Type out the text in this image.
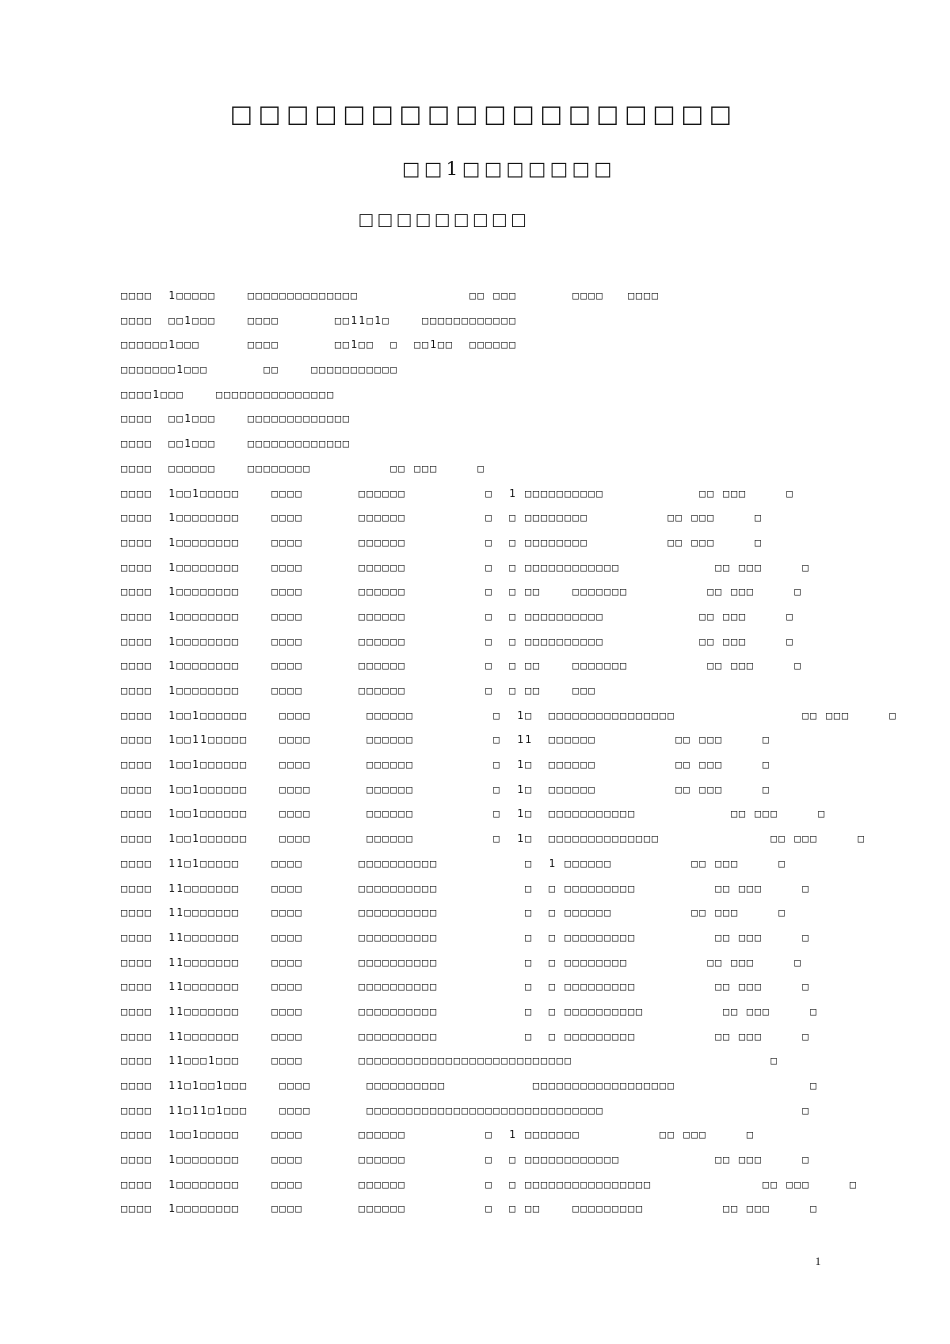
□□□□□□□□□□□□□□□□□□
□□1□□□□□□□
□□□□□□□□□
□□□□  1□□□□□    □□□□□□□□□□□□□□              □□ □□□       □□□□   □□□□
□□□□  □□1□□□    □□□□       □□11□1□    □□□□□□□□□□□□
□□□□□□1□□□      □□□□       □□1□□  □  □□1□□  □□□□□□
□□□□□□□1□□□       □□    □□□□□□□□□□□
□□□□1□□□    □□□□□□□□□□□□□□□
□□□□  □□1□□□    □□□□□□□□□□□□□
□□□□  □□1□□□    □□□□□□□□□□□□□
□□□□  □□□□□□    □□□□□□□□          □□ □□□     □
□□□□  1□□1□□□□□    □□□□       □□□□□□          □  1 □□□□□□□□□□            □□ □□□     □
□□□□  1□□□□□□□□    □□□□       □□□□□□          □  □ □□□□□□□□          □□ □□□     □
□□□□  1□□□□□□□□    □□□□       □□□□□□          □  □ □□□□□□□□          □□ □□□     □
□□□□  1□□□□□□□□    □□□□       □□□□□□          □  □ □□□□□□□□□□□□            □□ □□□     □
□□□□  1□□□□□□□□    □□□□       □□□□□□          □  □ □□    □□□□□□□          □□ □□□     □
□□□□  1□□□□□□□□    □□□□       □□□□□□          □  □ □□□□□□□□□□            □□ □□□     □
□□□□  1□□□□□□□□    □□□□       □□□□□□          □  □ □□□□□□□□□□            □□ □□□     □
□□□□  1□□□□□□□□    □□□□       □□□□□□          □  □ □□    □□□□□□□          □□ □□□     □
□□□□  1□□□□□□□□    □□□□       □□□□□□          □  □ □□    □□□
□□□□  1□□1□□□□□□    □□□□       □□□□□□          □  1□  □□□□□□□□□□□□□□□□                □□ □□□     □
□□□□  1□□11□□□□□    □□□□       □□□□□□          □  11  □□□□□□          □□ □□□     □
□□□□  1□□1□□□□□□    □□□□       □□□□□□          □  1□  □□□□□□          □□ □□□     □
□□□□  1□□1□□□□□□    □□□□       □□□□□□          □  1□  □□□□□□          □□ □□□     □
□□□□  1□□1□□□□□□    □□□□       □□□□□□          □  1□  □□□□□□□□□□□            □□ □□□     □
□□□□  1□□1□□□□□□    □□□□       □□□□□□          □  1□  □□□□□□□□□□□□□□              □□ □□□     □
□□□□  11□1□□□□□    □□□□       □□□□□□□□□□           □  1 □□□□□□          □□ □□□     □
□□□□  11□□□□□□□    □□□□       □□□□□□□□□□           □  □ □□□□□□□□□          □□ □□□     □
□□□□  11□□□□□□□    □□□□       □□□□□□□□□□           □  □ □□□□□□          □□ □□□     □
□□□□  11□□□□□□□    □□□□       □□□□□□□□□□           □  □ □□□□□□□□□          □□ □□□     □
□□□□  11□□□□□□□    □□□□       □□□□□□□□□□           □  □ □□□□□□□□          □□ □□□     □
□□□□  11□□□□□□□    □□□□       □□□□□□□□□□           □  □ □□□□□□□□□          □□ □□□     □
□□□□  11□□□□□□□    □□□□       □□□□□□□□□□           □  □ □□□□□□□□□□          □□ □□□     □
□□□□  11□□□□□□□    □□□□       □□□□□□□□□□           □  □ □□□□□□□□□          □□ □□□     □
□□□□  11□□□1□□□    □□□□       □□□□□□□□□□□□□□□□□□□□□□□□□□□                         □
□□□□  11□1□□1□□□    □□□□       □□□□□□□□□□           □□□□□□□□□□□□□□□□□□                 □
□□□□  11□11□1□□□    □□□□       □□□□□□□□□□□□□□□□□□□□□□□□□□□□□□                         □
□□□□  1□□1□□□□□    □□□□       □□□□□□          □  1 □□□□□□□          □□ □□□     □
□□□□  1□□□□□□□□    □□□□       □□□□□□          □  □ □□□□□□□□□□□□            □□ □□□     □
□□□□  1□□□□□□□□    □□□□       □□□□□□          □  □ □□□□□□□□□□□□□□□□              □□ □□□     □
□□□□  1□□□□□□□□    □□□□       □□□□□□          □  □ □□    □□□□□□□□□          □□ □□□     □
1
